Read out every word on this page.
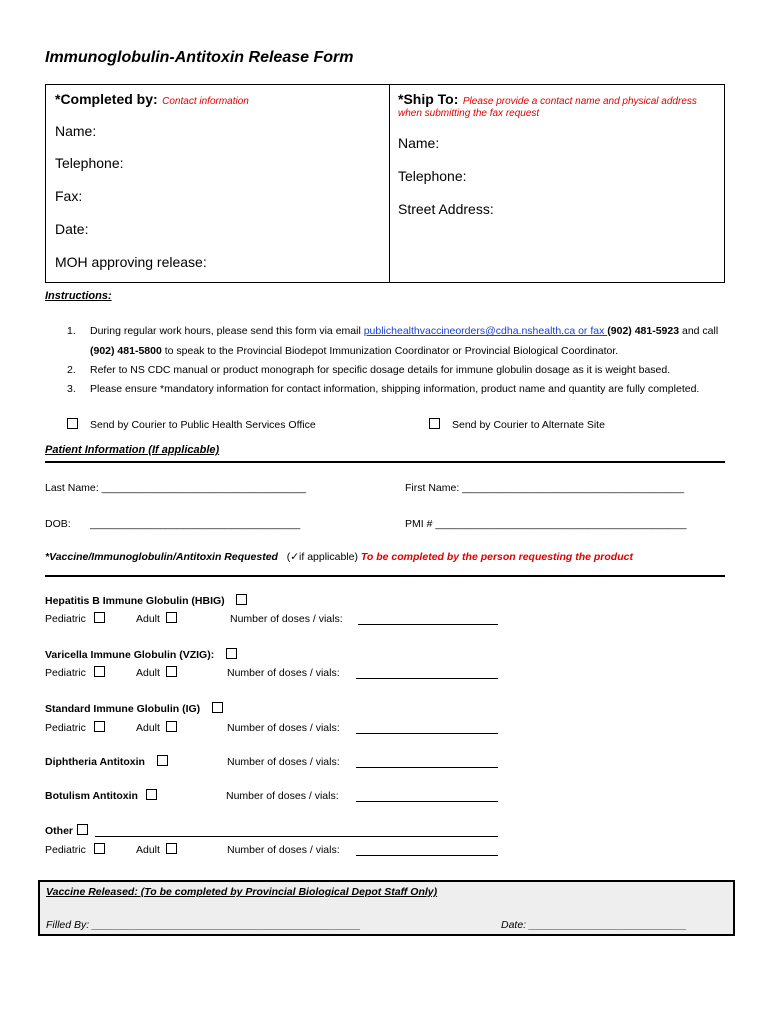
Immunoglobulin-Antitoxin Release Form
*Completed by: Contact information
Name:
Telephone:
Fax:
Date:
MOH approving release:
*Ship To: Please provide a contact name and physical address
when submitting the fax request
Name:
Telephone:
Street Address:
Instructions:
1. During regular work hours, please send this form via email publichealthvaccineorders@cdha.nshealth.ca or fax (902) 481-5923 and call
(902) 481-5800 to speak to the Provincial Biodepot Immunization Coordinator or Provincial Biological Coordinator.
2. Refer to NS CDC manual or product monograph for specific dosage details for immune globulin dosage as it is weight based.
3. Please ensure *mandatory information for contact information, shipping information, product name and quantity are fully completed.
Send by Courier to Public Health Services Office	Send by Courier to Alternate Site
Patient Information (If applicable)
Last Name: ___________________________________	First Name: ______________________________________
DOB: ____________________________________	PMI # ___________________________________________
*Vaccine/Immunoglobulin/Antitoxin Requested (✓if applicable) To be completed by the person requesting the product
Hepatitis B Immune Globulin (HBIG)
Pediatric	Adult	Number of doses / vials:
Varicella Immune Globulin (VZIG):
Pediatric	Adult	Number of doses / vials:
Standard Immune Globulin (IG)
Pediatric	Adult	Number of doses / vials:
Diphtheria Antitoxin	Number of doses / vials:
Botulism Antitoxin	Number of doses / vials:
Other
Pediatric	Adult	Number of doses / vials:
Vaccine Released: (To be completed by Provincial Biological Depot Staff Only)
Filled By: ______________________________________________	Date: ___________________________
